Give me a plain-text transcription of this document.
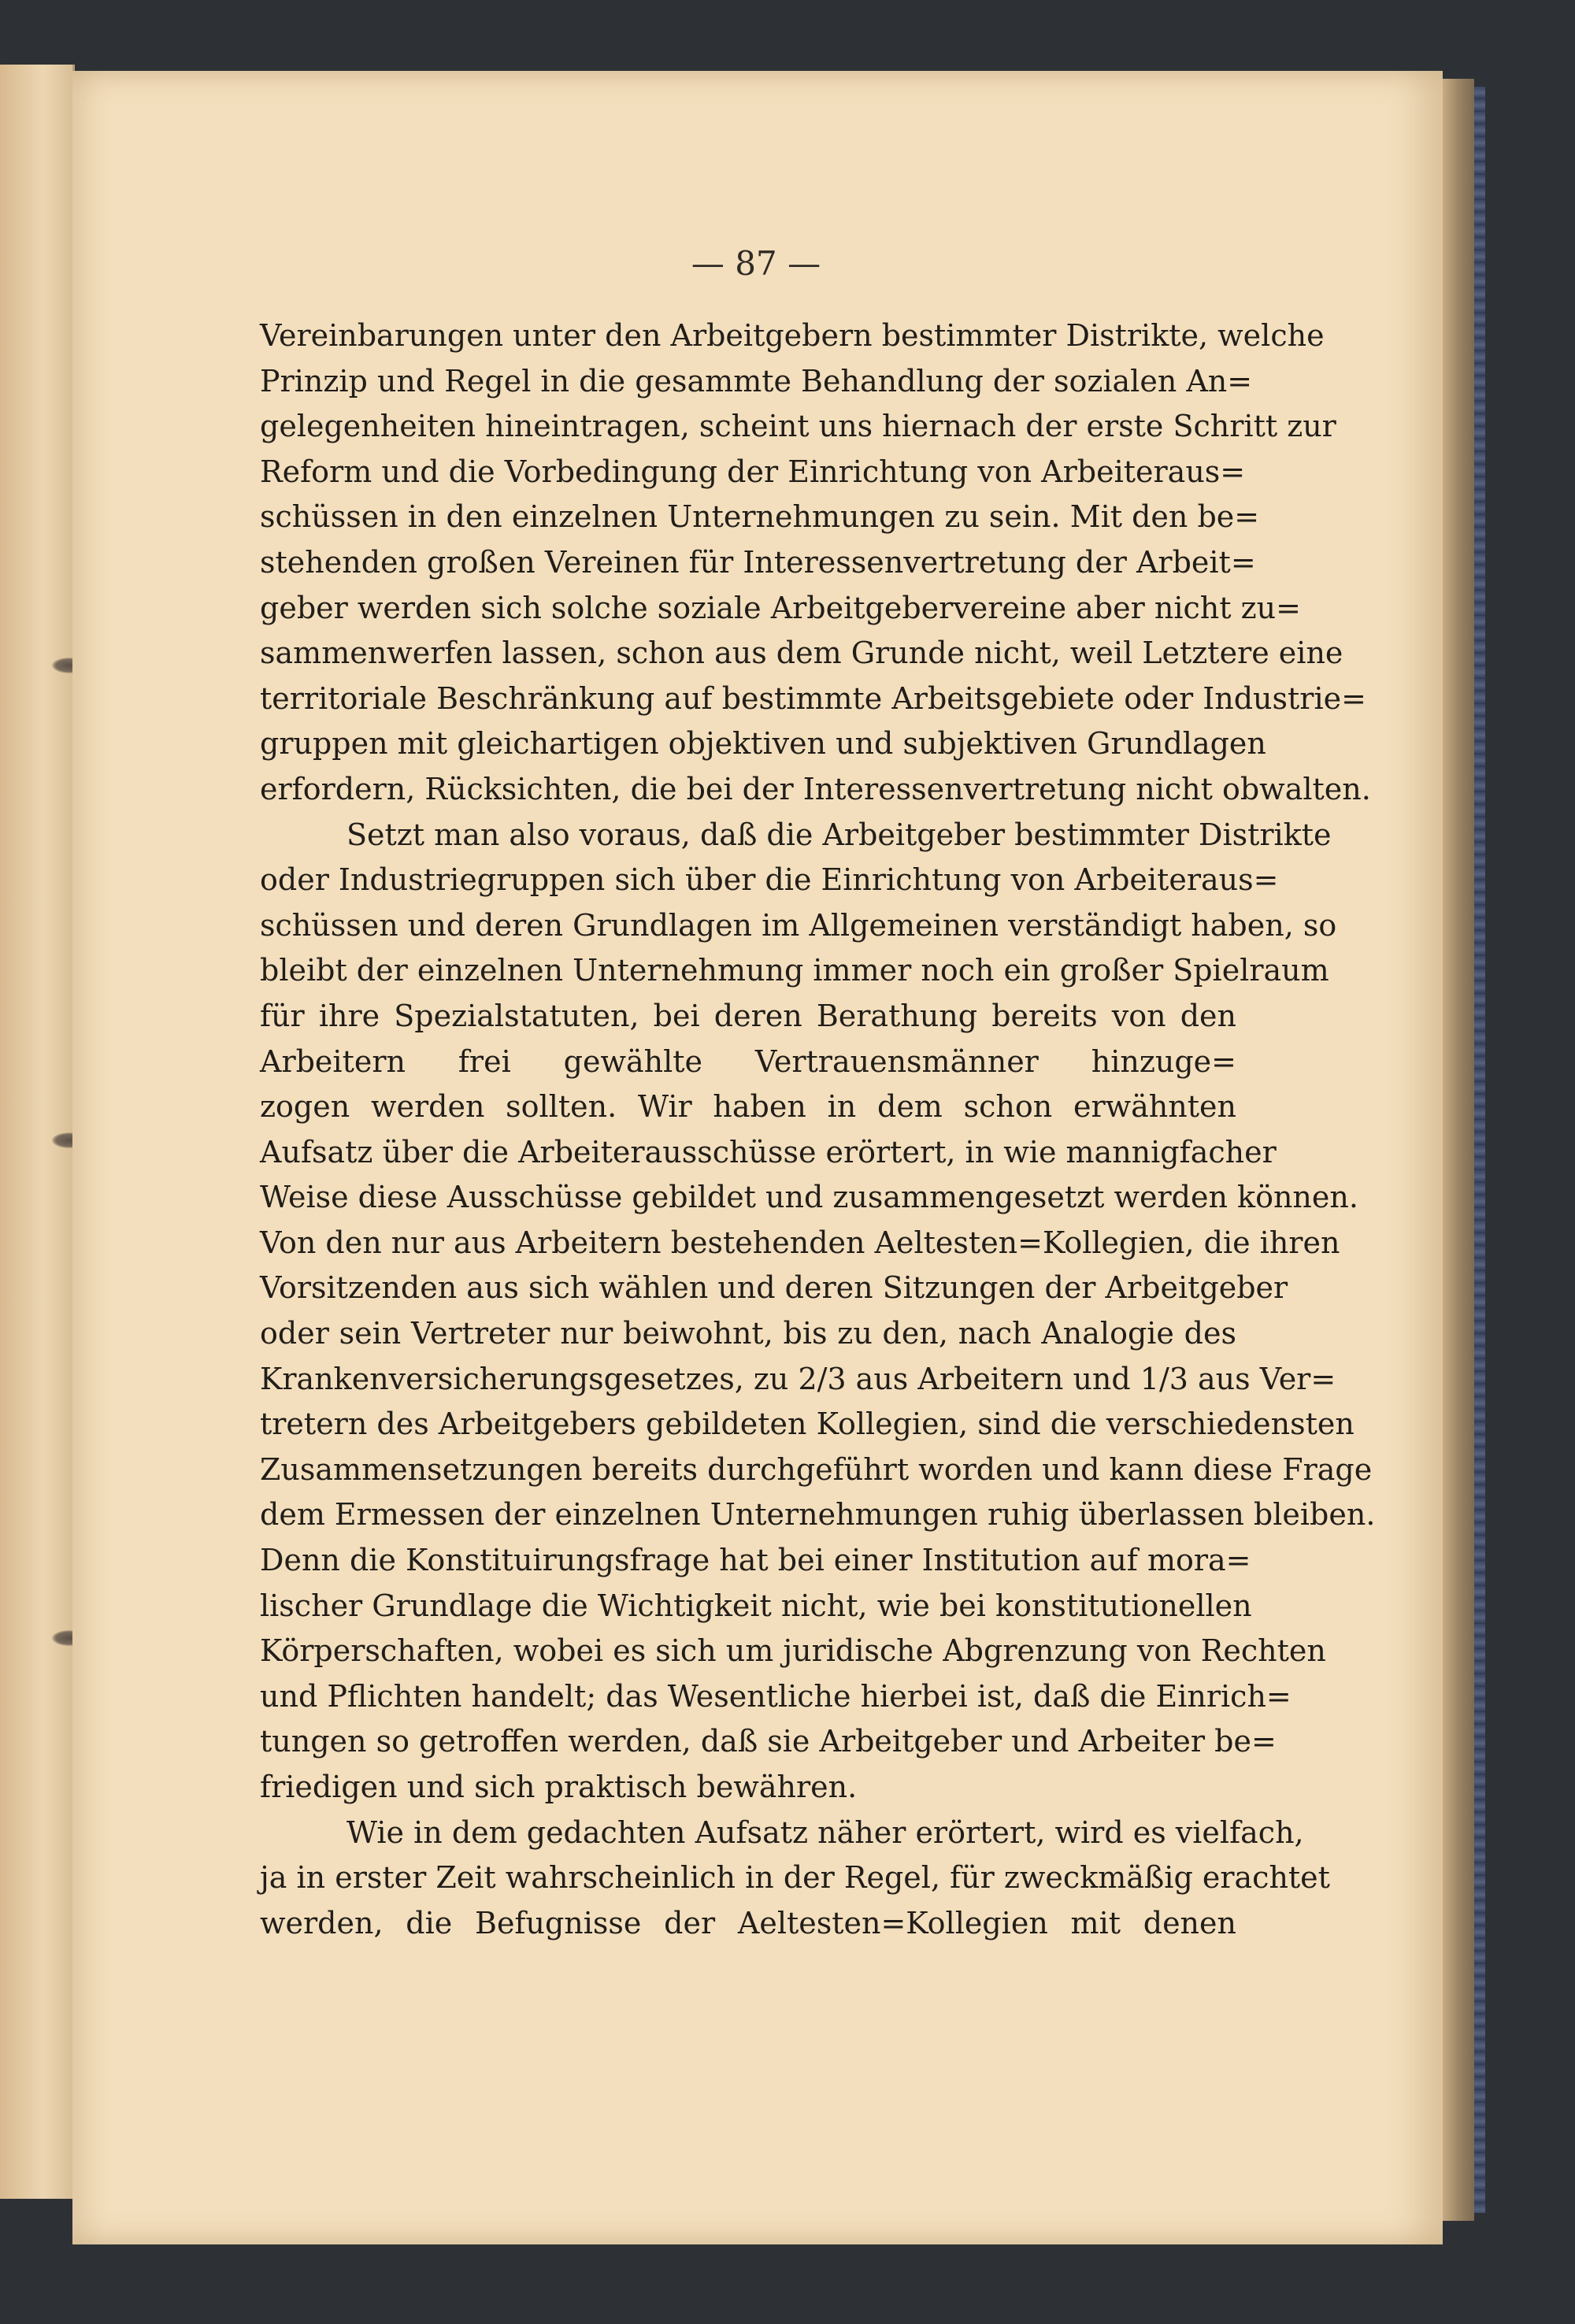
— 87 —
Vereinbarungen unter den Arbeitgebern bestimmter Distrikte, welche
Prinzip und Regel in die gesammte Behandlung der sozialen An=
gelegenheiten hineintragen, scheint uns hiernach der erste Schritt zur
Reform und die Vorbedingung der Einrichtung von Arbeiteraus=
schüssen in den einzelnen Unternehmungen zu sein. Mit den be=
stehenden großen Vereinen für Interessenvertretung der Arbeit=
geber werden sich solche soziale Arbeitgebervereine aber nicht zu=
sammenwerfen lassen, schon aus dem Grunde nicht, weil Letztere eine
territoriale Beschränkung auf bestimmte Arbeitsgebiete oder Industrie=
gruppen mit gleichartigen objektiven und subjektiven Grundlagen
erfordern, Rücksichten, die bei der Interessenvertretung nicht obwalten.
Setzt man also voraus, daß die Arbeitgeber bestimmter Distrikte
oder Industriegruppen sich über die Einrichtung von Arbeiteraus=
schüssen und deren Grundlagen im Allgemeinen verständigt haben, so
bleibt der einzelnen Unternehmung immer noch ein großer Spielraum
für ihre Spezialstatuten, bei deren Berathung bereits von den
Arbeitern frei gewählte Vertrauensmänner hinzuge=
zogen werden sollten. Wir haben in dem schon erwähnten
Aufsatz über die Arbeiterausschüsse erörtert, in wie mannigfacher
Weise diese Ausschüsse gebildet und zusammengesetzt werden können.
Von den nur aus Arbeitern bestehenden Aeltesten=Kollegien, die ihren
Vorsitzenden aus sich wählen und deren Sitzungen der Arbeitgeber
oder sein Vertreter nur beiwohnt, bis zu den, nach Analogie des
Krankenversicherungsgesetzes, zu 2/3 aus Arbeitern und 1/3 aus Ver=
tretern des Arbeitgebers gebildeten Kollegien, sind die verschiedensten
Zusammensetzungen bereits durchgeführt worden und kann diese Frage
dem Ermessen der einzelnen Unternehmungen ruhig überlassen bleiben.
Denn die Konstituirungsfrage hat bei einer Institution auf mora=
lischer Grundlage die Wichtigkeit nicht, wie bei konstitutionellen
Körperschaften, wobei es sich um juridische Abgrenzung von Rechten
und Pflichten handelt; das Wesentliche hierbei ist, daß die Einrich=
tungen so getroffen werden, daß sie Arbeitgeber und Arbeiter be=
friedigen und sich praktisch bewähren.
Wie in dem gedachten Aufsatz näher erörtert, wird es vielfach,
ja in erster Zeit wahrscheinlich in der Regel, für zweckmäßig erachtet
werden, die Befugnisse der Aeltesten=Kollegien mit denen
